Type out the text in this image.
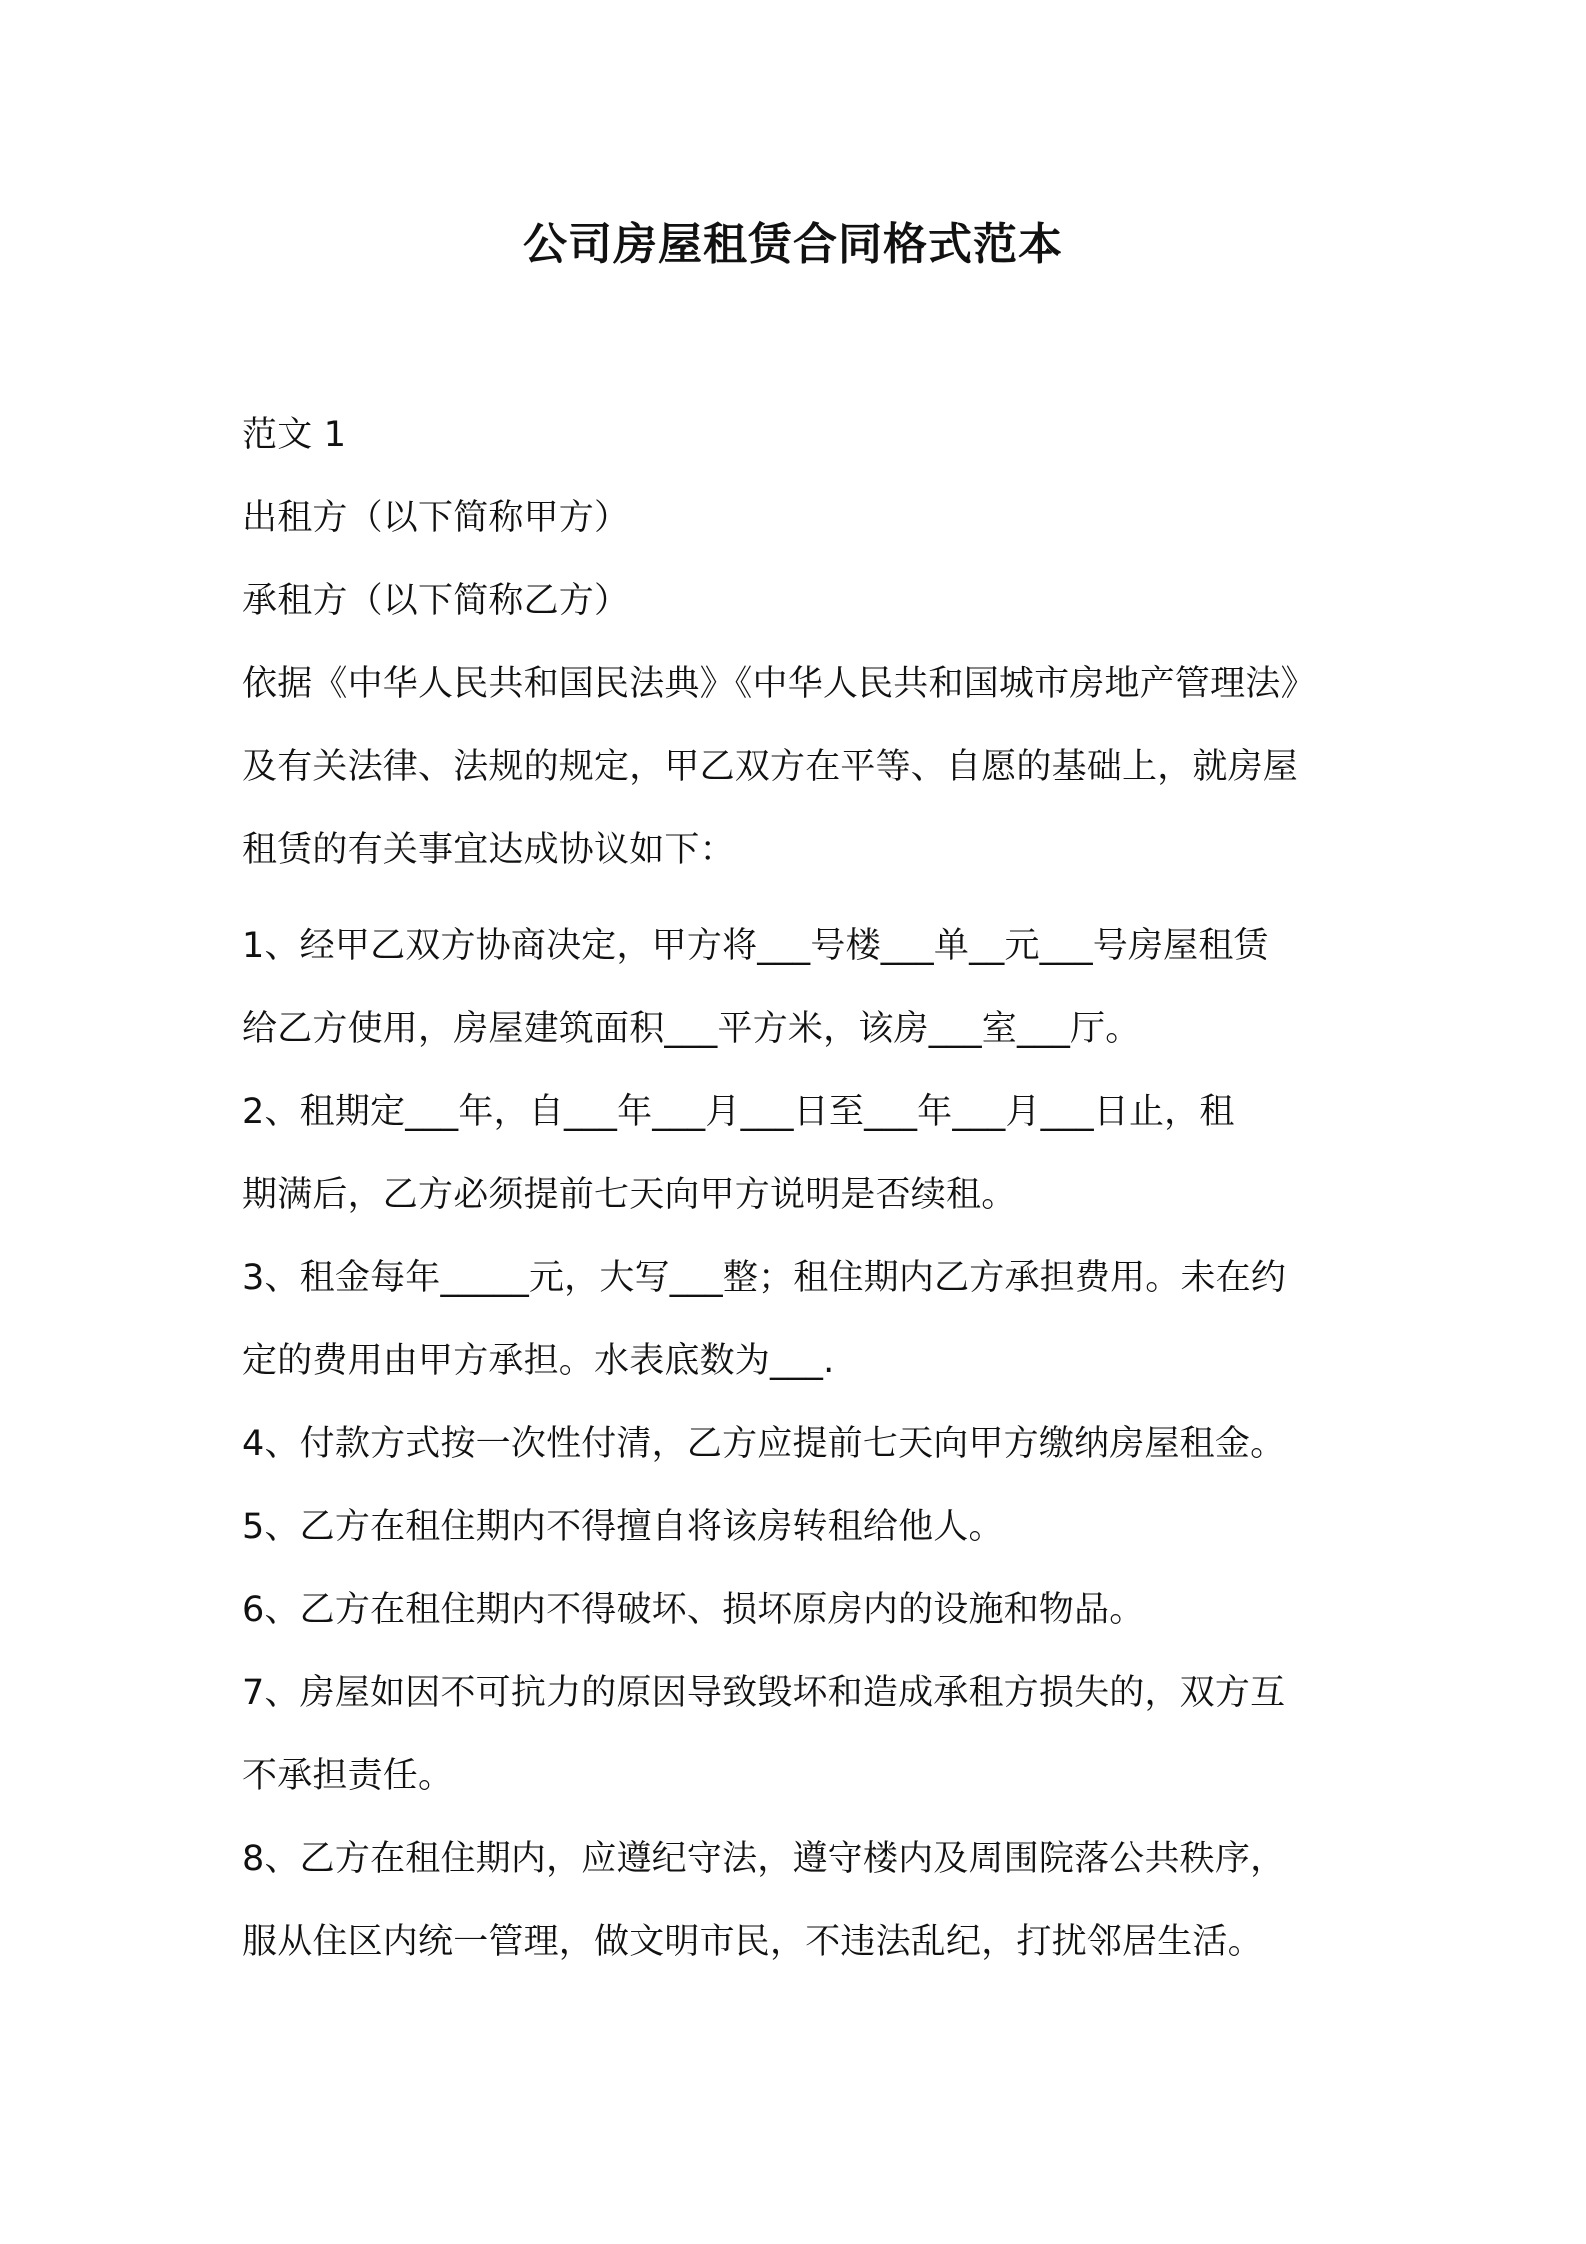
公司房屋租赁合同格式范本
范文 1
出租方（以下简称甲方）
承租方（以下简称乙方）
依据《中华人民共和国民法典》《中华人民共和国城市房地产管理法》
及有关法律、法规的规定，甲乙双方在平等、自愿的基础上，就房屋
租赁的有关事宜达成协议如下：
1、经甲乙双方协商决定，甲方将___号楼___单__元___号房屋租赁
给乙方使用，房屋建筑面积___平方米，该房___室___厅。
2、租期定___年，自___年___月___日至___年___月___日止，租
期满后，乙方必须提前七天向甲方说明是否续租。
3、租金每年_____元，大写___整；租住期内乙方承担费用。未在约
定的费用由甲方承担。水表底数为___.
4、付款方式按一次性付清，乙方应提前七天向甲方缴纳房屋租金。
5、乙方在租住期内不得擅自将该房转租给他人。
6、乙方在租住期内不得破坏、损坏原房内的设施和物品。
7、房屋如因不可抗力的原因导致毁坏和造成承租方损失的，双方互
不承担责任。
8、乙方在租住期内，应遵纪守法，遵守楼内及周围院落公共秩序，
服从住区内统一管理，做文明市民，不违法乱纪，打扰邻居生活。
